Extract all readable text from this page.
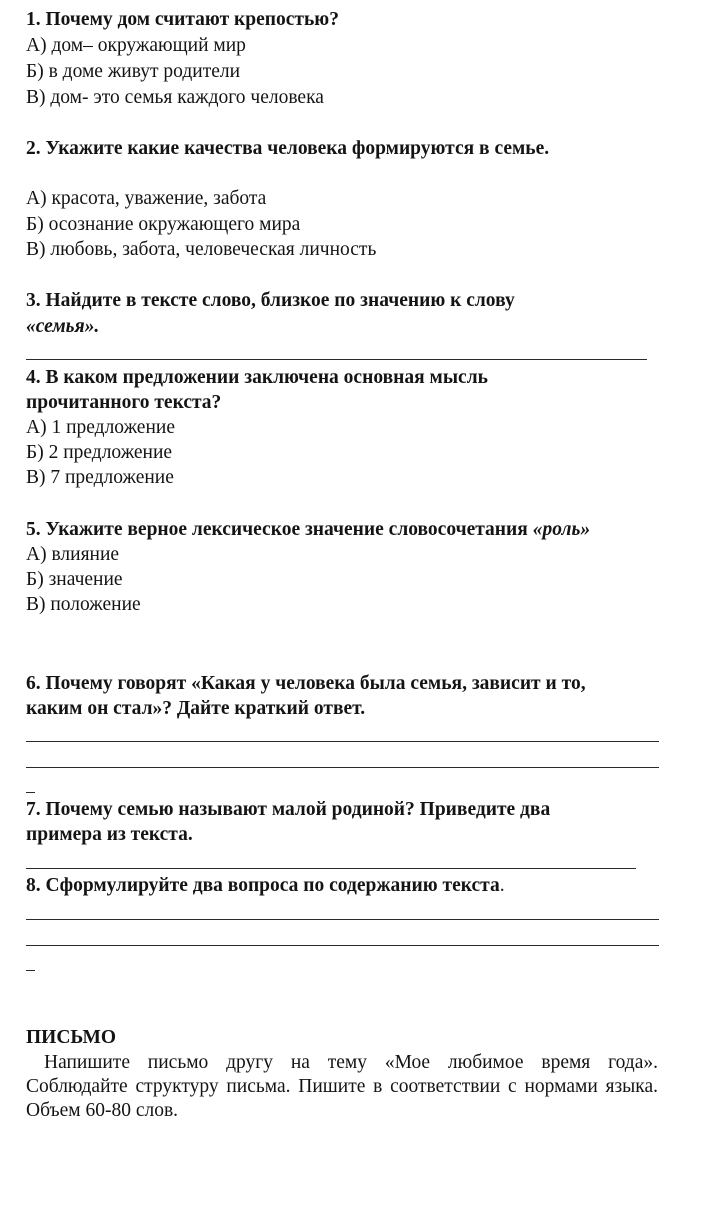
1. Почему дом считают крепостью?
А) дом– окружающий мир
Б) в доме живут родители
В) дом- это семья каждого человека
2. Укажите какие качества человека формируются в семье.
А) красота, уважение, забота
Б) осознание окружающего мира
В) любовь, забота, человеческая личность
3. Найдите в тексте слово, близкое по значению к слову
«семья».
4. В каком предложении заключена основная мысль
прочитанного текста?
А) 1 предложение
Б) 2 предложение
В) 7 предложение
5. Укажите верное лексическое значение словосочетания «роль»
А) влияние
Б) значение
В) положение
6. Почему говорят «Какая у человека была семья, зависит и то,
каким он стал»? Дайте краткий ответ.
7. Почему семью называют малой родиной? Приведите два
примера из текста.
8. Сформулируйте два вопроса по содержанию текста.
ПИСЬМО
Напишите письмо другу на тему «Мое любимое время года». Соблюдайте структуру письма. Пишите в соответствии с нормами языка. Объем 60-80 слов.
